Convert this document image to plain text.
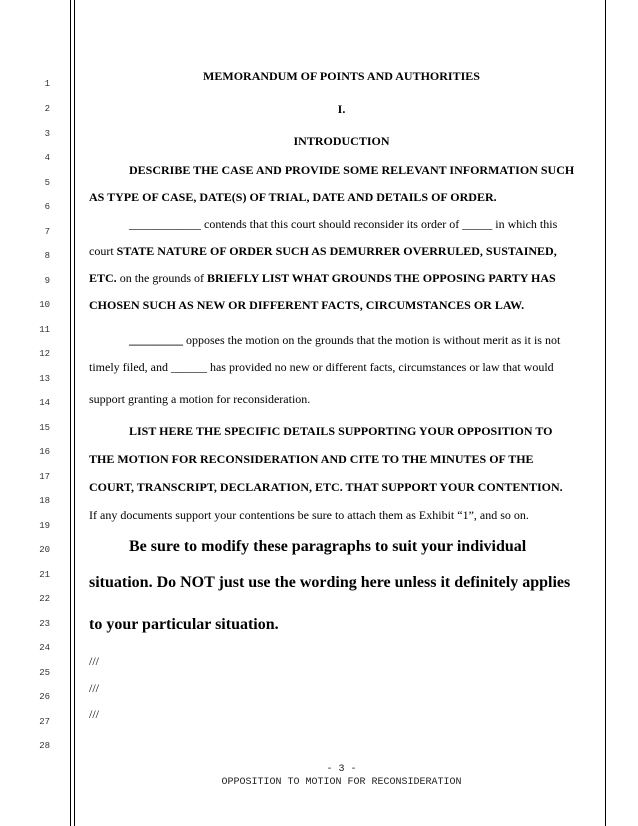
1
2
3
4
5
6
7
8
9
10
11
12
13
14
15
16
17
18
19
20
21
22
23
24
25
26
27
28
MEMORANDUM OF POINTS AND AUTHORITIES
I.
INTRODUCTION
DESCRIBE THE CASE AND PROVIDE SOME RELEVANT INFORMATION SUCH
AS TYPE OF CASE, DATE(S) OF TRIAL, DATE AND DETAILS OF ORDER.
____________ contends that this court should reconsider its order of _____ in which this
court STATE NATURE OF ORDER SUCH AS DEMURRER OVERRULED, SUSTAINED,
ETC. on the grounds of BRIEFLY LIST WHAT GROUNDS THE OPPOSING PARTY HAS
CHOSEN SUCH AS NEW OR DIFFERENT FACTS, CIRCUMSTANCES OR LAW.
_________ opposes the motion on the grounds that the motion is without merit as it is not
timely filed, and ______ has provided no new or different facts, circumstances or law that would
support granting a motion for reconsideration.
LIST HERE THE SPECIFIC DETAILS SUPPORTING YOUR OPPOSITION TO
THE MOTION FOR RECONSIDERATION AND CITE TO THE MINUTES OF THE
COURT, TRANSCRIPT, DECLARATION, ETC. THAT SUPPORT YOUR CONTENTION.
If any documents support your contentions be sure to attach them as Exhibit “1”, and so on.
Be sure to modify these paragraphs to suit your individual
situation. Do NOT just use the wording here unless it definitely applies
to your particular situation.
///
///
///
- 3 -
OPPOSITION TO MOTION FOR RECONSIDERATION
